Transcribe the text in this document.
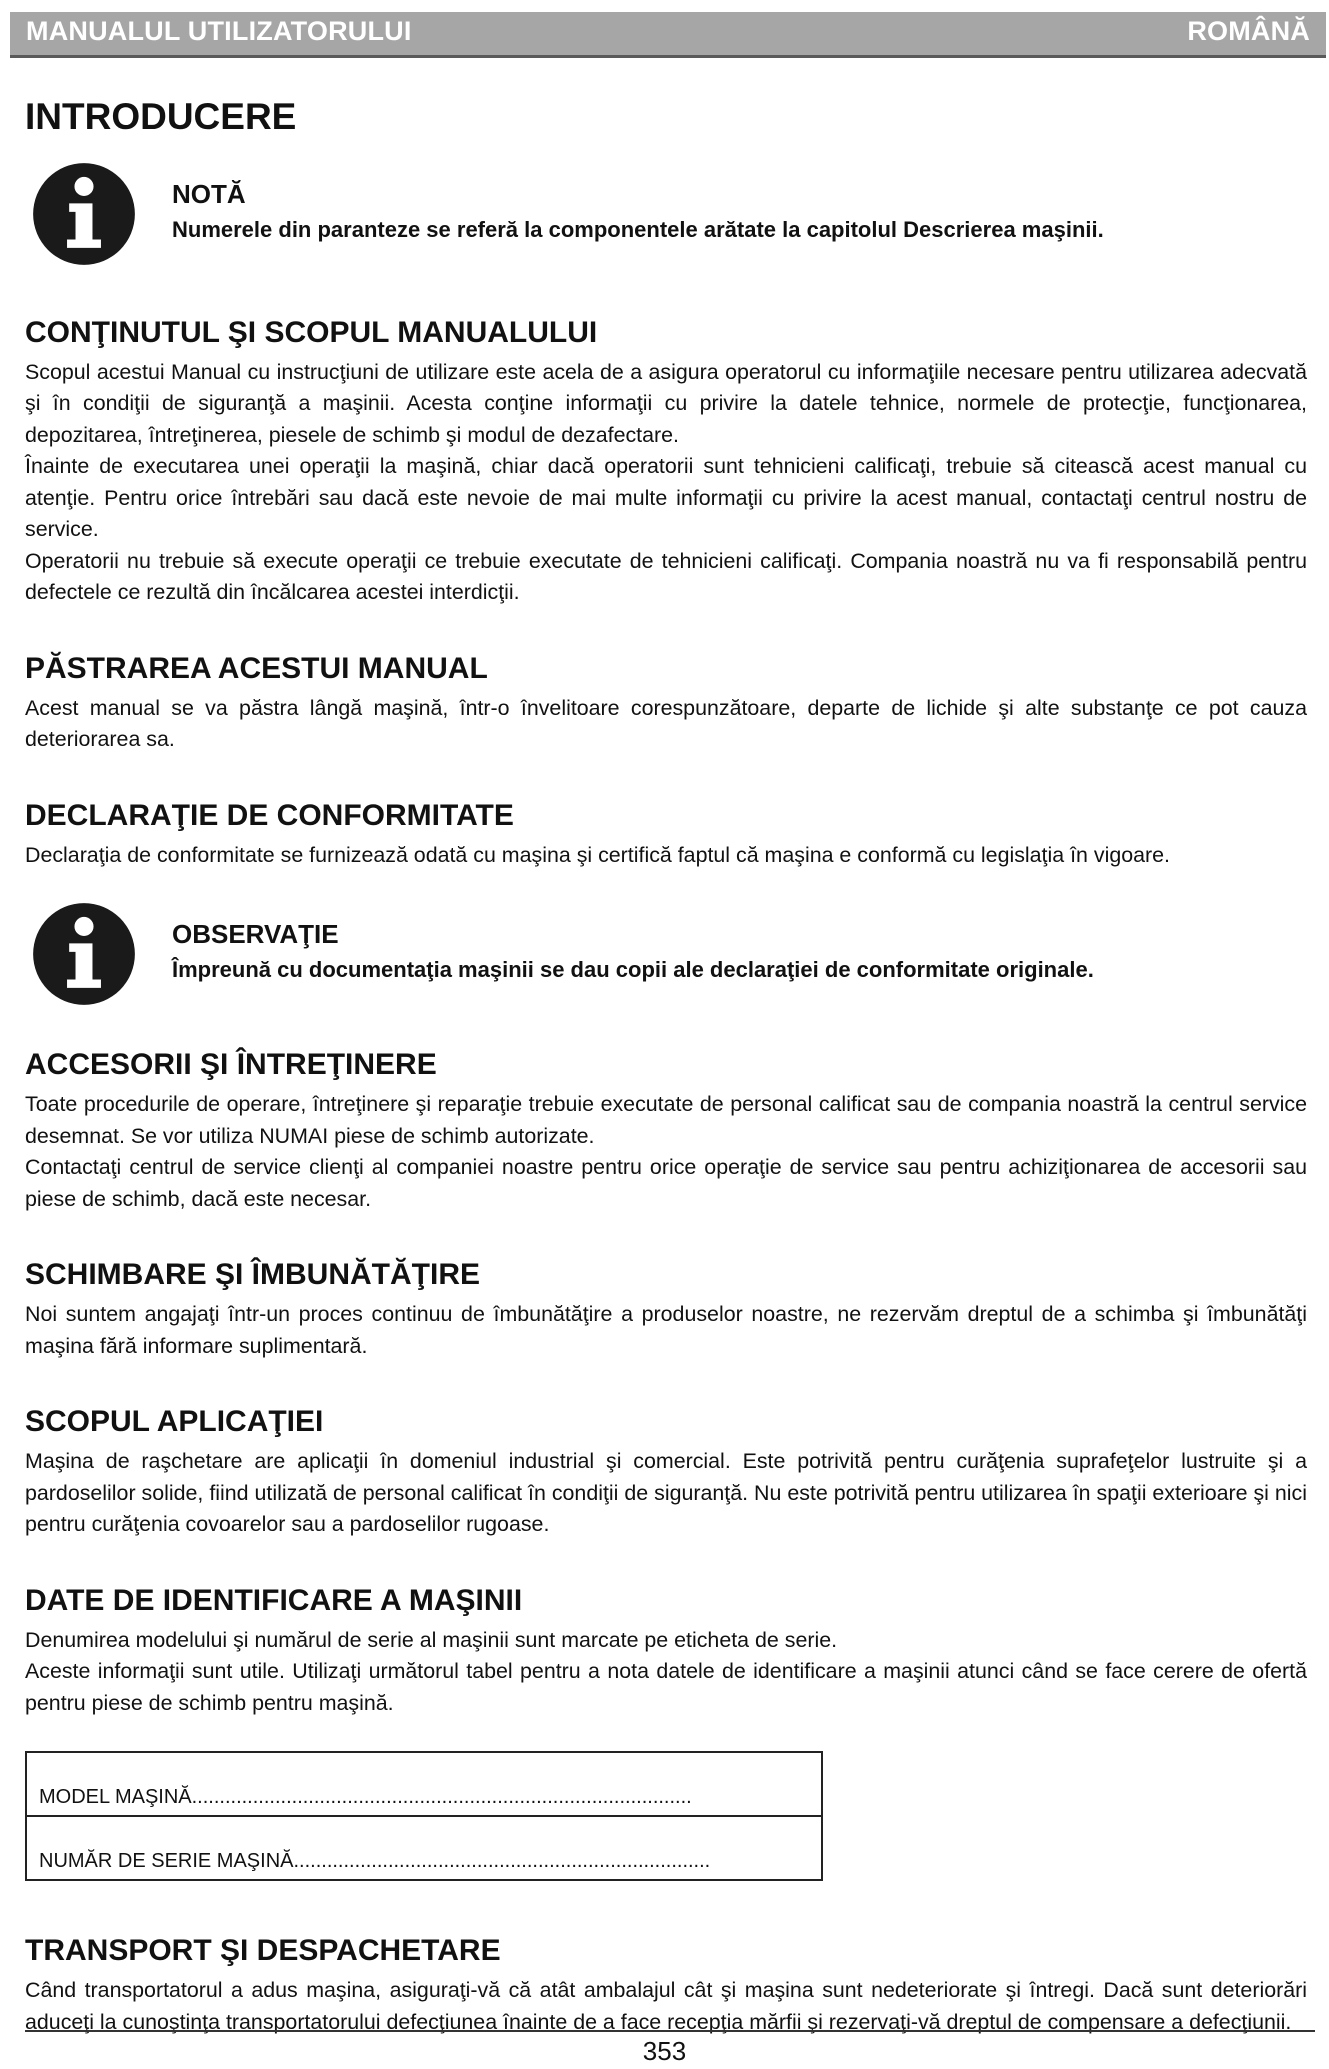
MANUALUL UTILIZATORULUI	ROMÂNĂ
INTRODUCERE
NOTĂ
Numerele din paranteze se referă la componentele arătate la capitolul Descrierea maşinii.
CONŢINUTUL ŞI SCOPUL MANUALULUI

Scopul acestui Manual cu instrucţiuni de utilizare este acela de a asigura operatorul cu informaţiile necesare pentru utilizarea adecvată şi în condiţii de siguranţă a maşinii. Acesta conţine informaţii cu privire la datele tehnice, normele de protecţie, funcţionarea, depozitarea, întreţinerea, piesele de schimb şi modul de dezafectare.

Înainte de executarea unei operaţii la maşină, chiar dacă operatorii sunt tehnicieni calificaţi, trebuie să citească acest manual cu atenţie. Pentru orice întrebări sau dacă este nevoie de mai multe informaţii cu privire la acest manual, contactaţi centrul nostru de service.

Operatorii nu trebuie să execute operaţii ce trebuie executate de tehnicieni calificaţi. Compania noastră nu va fi responsabilă pentru defectele ce rezultă din încălcarea acestei interdicţii.

PĂSTRAREA ACESTUI MANUAL

Acest manual se va păstra lângă maşină, într-o învelitoare corespunzătoare, departe de lichide şi alte substanţe ce pot cauza deteriorarea sa.

DECLARAŢIE DE CONFORMITATE

Declaraţia de conformitate se furnizează odată cu maşina şi certifică faptul că maşina e conformă cu legislaţia în vigoare.

OBSERVAŢIE
Împreună cu documentaţia maşinii se dau copii ale declaraţiei de conformitate originale.
ACCESORII ŞI ÎNTREŢINERE

Toate procedurile de operare, întreţinere şi reparaţie trebuie executate de personal calificat sau de compania noastră la centrul service desemnat. Se vor utiliza NUMAI piese de schimb autorizate.

Contactaţi centrul de service clienţi al companiei noastre pentru orice operaţie de service sau pentru achiziţionarea de accesorii sau piese de schimb, dacă este necesar.

SCHIMBARE ŞI ÎMBUNĂTĂŢIRE

Noi suntem angajaţi într-un proces continuu de îmbunătăţire a produselor noastre, ne rezervăm dreptul de a schimba şi îmbunătăţi maşina fără informare suplimentară.

SCOPUL APLICAŢIEI

Maşina de raşchetare are aplicaţii în domeniul industrial şi comercial. Este potrivită pentru curăţenia suprafeţelor lustruite şi a pardoselilor solide, fiind utilizată de personal calificat în condiţii de siguranţă. Nu este potrivită pentru utilizarea în spaţii exterioare şi nici pentru curăţenia covoarelor sau a pardoselilor rugoase.

DATE DE IDENTIFICARE A MAŞINII

Denumirea modelului şi numărul de serie al maşinii sunt marcate pe eticheta de serie.

Aceste informaţii sunt utile. Utilizaţi următorul tabel pentru a nota datele de identificare a maşinii atunci când se face cerere de ofertă pentru piese de schimb pentru maşină.

MODEL MAŞINĂ..........................................................................................
NUMĂR DE SERIE MAŞINĂ...........................................................................
TRANSPORT ŞI DESPACHETARE

Când transportatorul a adus maşina, asiguraţi-vă că atât ambalajul cât şi maşina sunt nedeteriorate şi întregi. Dacă sunt deteriorări aduceţi la cunoştinţa transportatorului defecţiunea înainte de a face recepţia mărfii şi rezervaţi-vă dreptul de compensare a defecţiunii.

353
